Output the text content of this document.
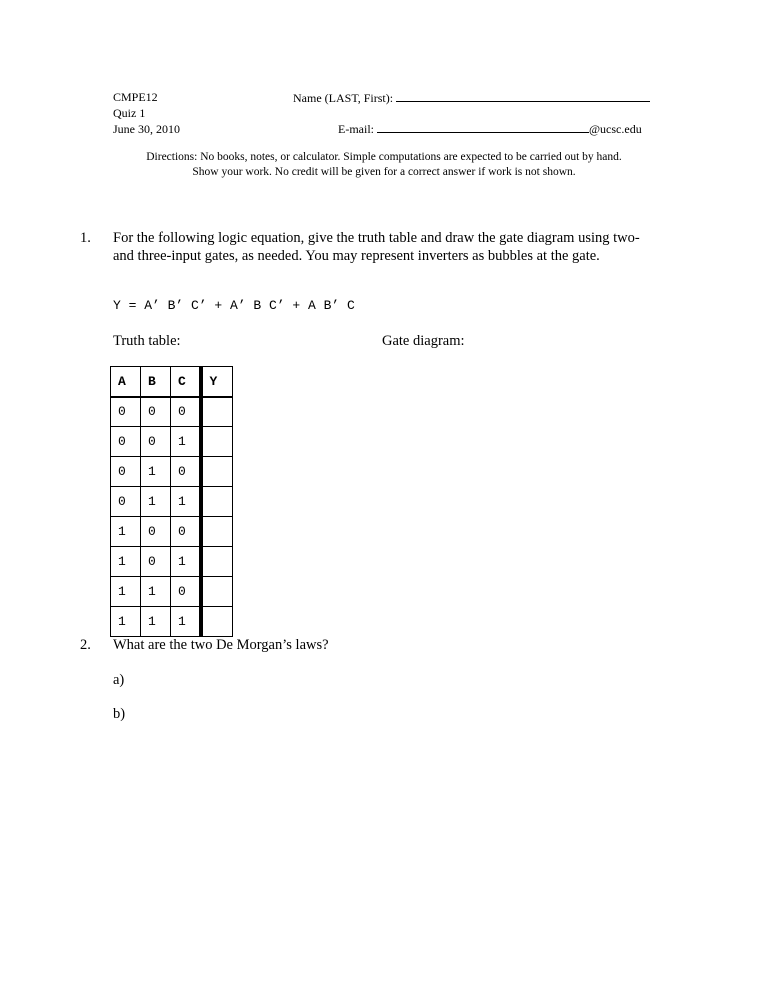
CMPE12
Quiz 1
June 30, 2010
Name (LAST, First):
E-mail:	@ucsc.edu
Directions: No books, notes, or calculator. Simple computations are expected to be carried out by hand.
Show your work. No credit will be given for a correct answer if work is not shown.
1. For the following logic equation, give the truth table and draw the gate diagram using two- and three-input gates, as needed. You may represent inverters as bubbles at the gate.
Y = A’ B’ C’ + A’ B C’ + A B’ C
Truth table:	Gate diagram:
A	B	C	Y
0	0	0	
0	0	1	
0	1	0	
0	1	1	
1	0	0	
1	0	1	
1	1	0	
1	1	1	
2. What are the two De Morgan’s laws?
a)
b)
